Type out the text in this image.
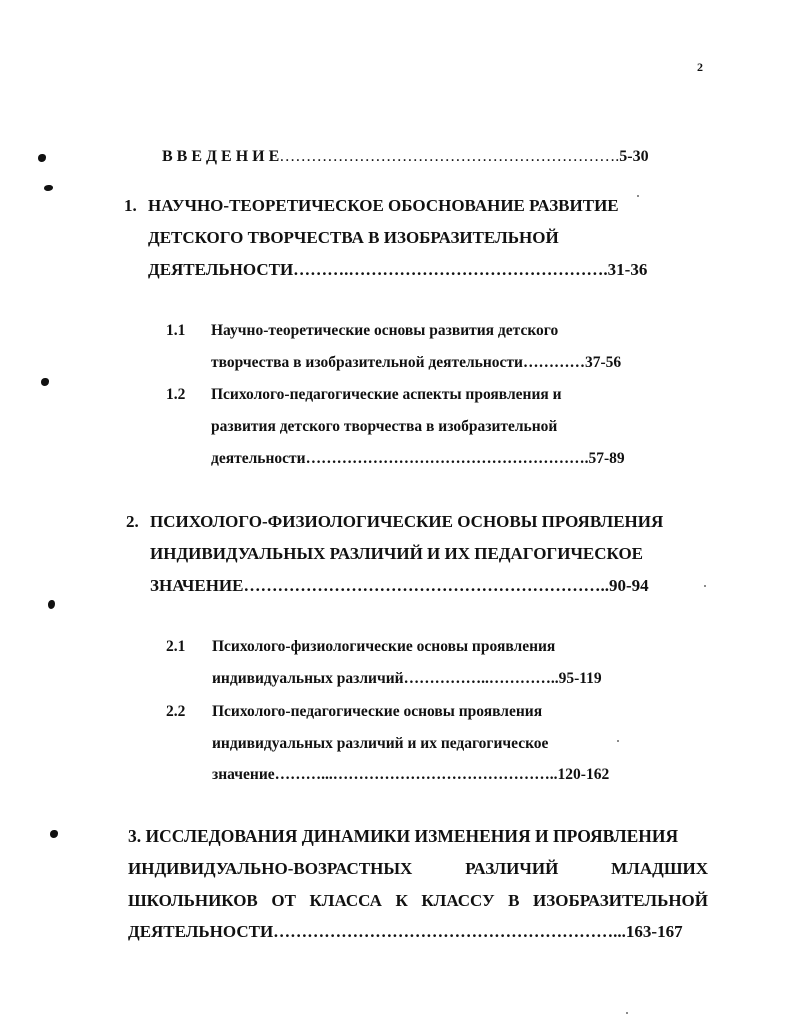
2
В В Е Д Е Н И Е……………………………………………………….5-30
1. НАУЧНО-ТЕОРЕТИЧЕСКОЕ ОБОСНОВАНИЕ РАЗВИТИЕ
ДЕТСКОГО ТВОРЧЕСТВА В ИЗОБРАЗИТЕЛЬНОЙ
ДЕЯТЕЛЬНОСТИ……….……………………………………….31-36
1.1 Научно-теоретические основы развития детского
творчества в изобразительной деятельности…………37-56
1.2 Психолого-педагогические аспекты проявления и
развития детского творчества в изобразительной
деятельности……………………………………………….57-89
2. ПСИХОЛОГО-ФИЗИОЛОГИЧЕСКИЕ ОСНОВЫ ПРОЯВЛЕНИЯ
ИНДИВИДУАЛЬНЫХ РАЗЛИЧИЙ И ИХ ПЕДАГОГИЧЕСКОЕ
ЗНАЧЕНИЕ………………………………………………………..90-94
2.1 Психолого-физиологические основы проявления
индивидуальных различий……………..…………..95-119
2.2 Психолого-педагогические основы проявления
индивидуальных различий и их педагогическое
значение………...……………………………………..120-162
3. ИССЛЕДОВАНИЯ ДИНАМИКИ ИЗМЕНЕНИЯ И ПРОЯВЛЕНИЯ
ИНДИВИДУАЛЬНО-ВОЗРАСТНЫХ	РАЗЛИЧИЙ	МЛАДШИХ
ШКОЛЬНИКОВ ОТ КЛАССА К КЛАССУ В ИЗОБРАЗИТЕЛЬНОЙ
ДЕЯТЕЛЬНОСТИ……………………………………………………...163-167
